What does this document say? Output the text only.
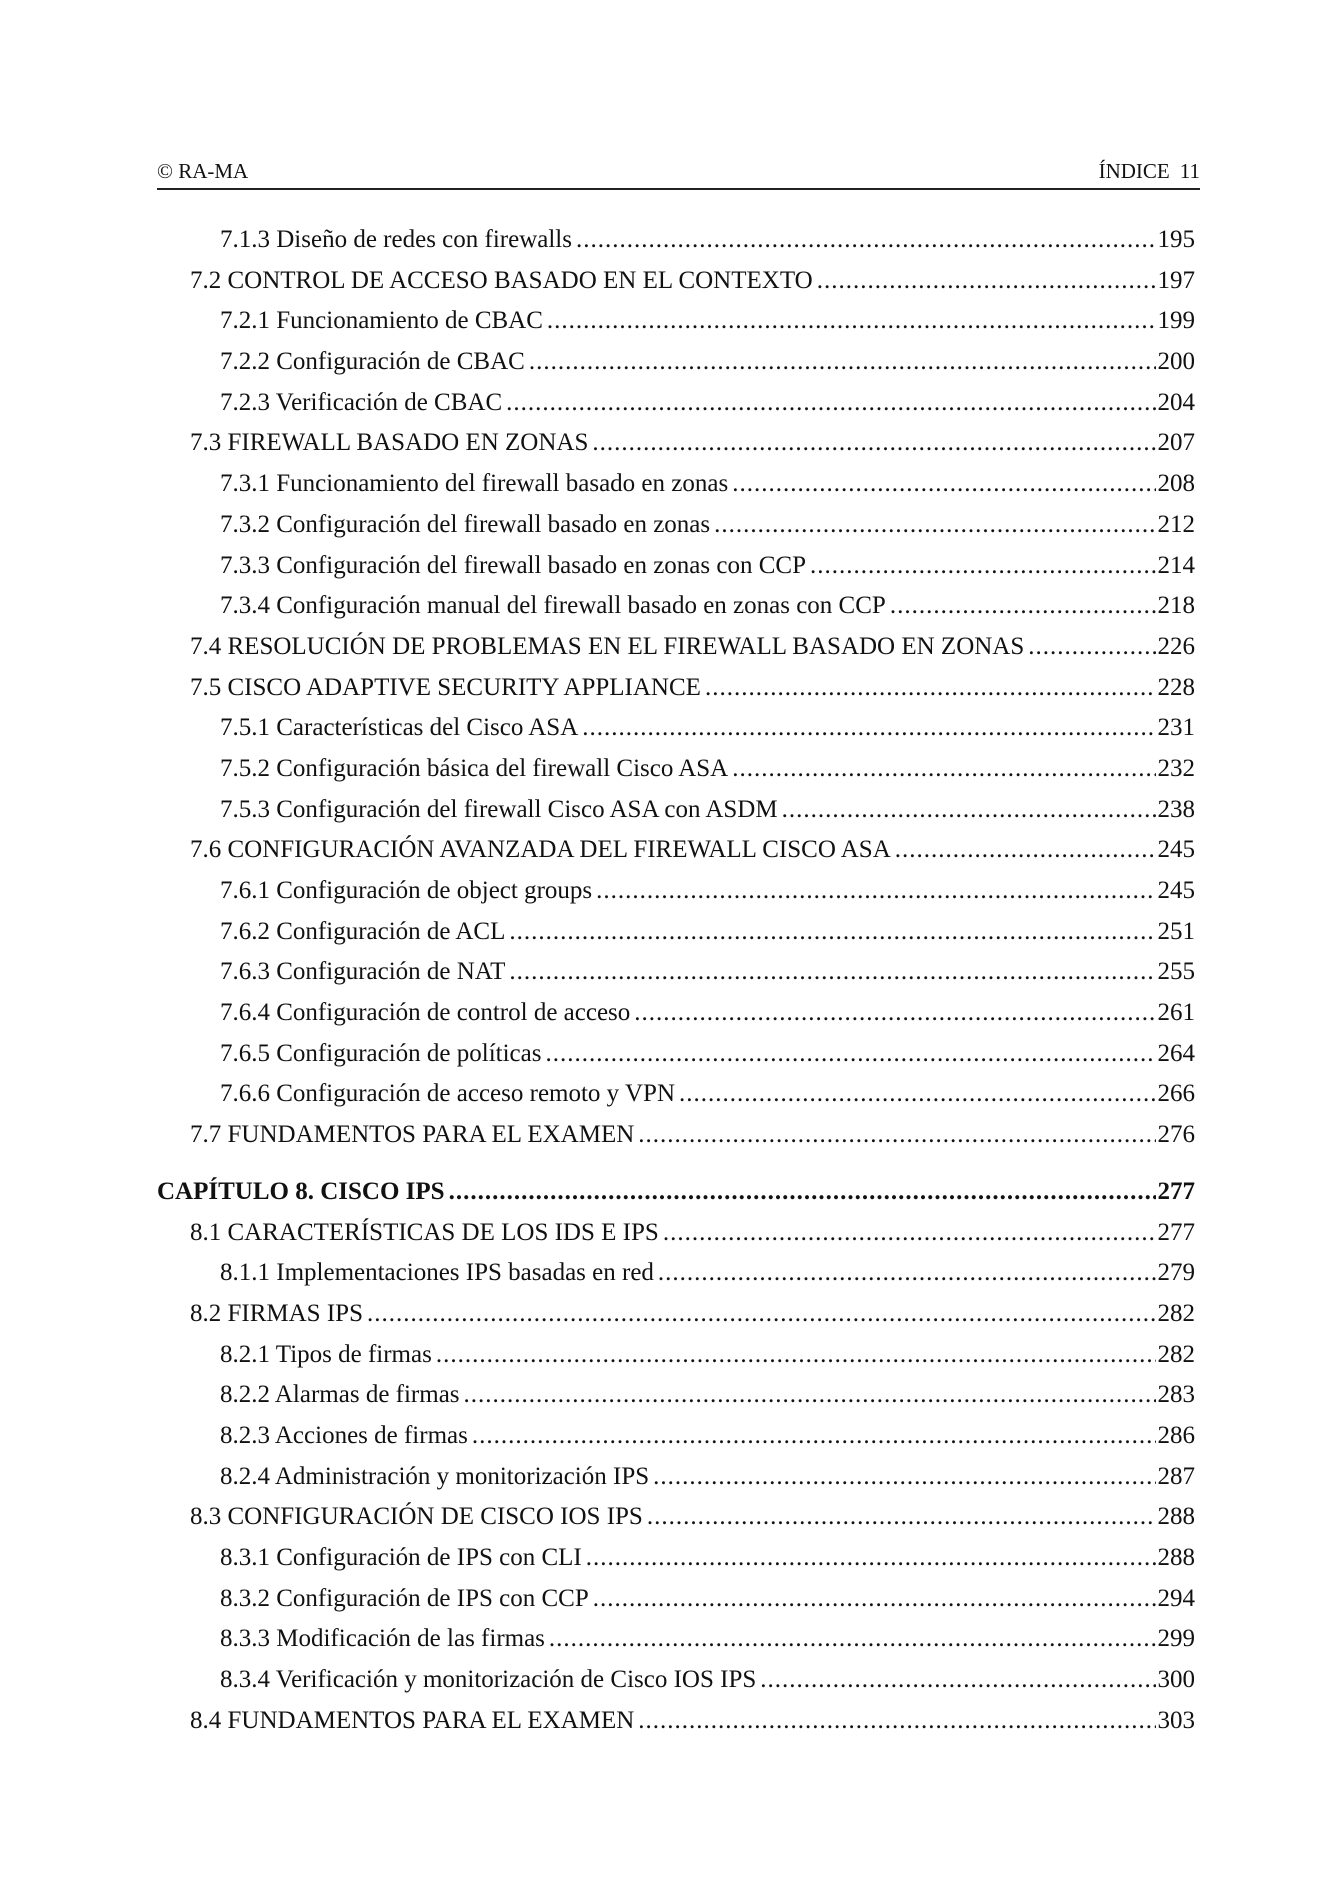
© RA-MA	ÍNDICE 11
7.1.3 Diseño de redes con firewalls .....	195
7.2 CONTROL DE ACCESO BASADO EN EL CONTEXTO .....	197
7.2.1 Funcionamiento de CBAC .....	199
7.2.2 Configuración de CBAC .....	200
7.2.3 Verificación de CBAC .....	204
7.3 FIREWALL BASADO EN ZONAS .....	207
7.3.1 Funcionamiento del firewall basado en zonas .....	208
7.3.2 Configuración del firewall basado en zonas .....	212
7.3.3 Configuración del firewall basado en zonas con CCP .....	214
7.3.4 Configuración manual del firewall basado en zonas con CCP .....	218
7.4 RESOLUCIÓN DE PROBLEMAS EN EL FIREWALL BASADO EN ZONAS .....	226
7.5 CISCO ADAPTIVE SECURITY APPLIANCE .....	228
7.5.1 Características del Cisco ASA .....	231
7.5.2 Configuración básica del firewall Cisco ASA .....	232
7.5.3 Configuración del firewall Cisco ASA con ASDM .....	238
7.6 CONFIGURACIÓN AVANZADA DEL FIREWALL CISCO ASA .....	245
7.6.1 Configuración de object groups .....	245
7.6.2 Configuración de ACL .....	251
7.6.3 Configuración de NAT .....	255
7.6.4 Configuración de control de acceso .....	261
7.6.5 Configuración de políticas .....	264
7.6.6 Configuración de acceso remoto y VPN .....	266
7.7 FUNDAMENTOS PARA EL EXAMEN .....	276
CAPÍTULO 8. CISCO IPS .....	277
8.1 CARACTERÍSTICAS DE LOS IDS E IPS .....	277
8.1.1 Implementaciones IPS basadas en red .....	279
8.2 FIRMAS IPS .....	282
8.2.1 Tipos de firmas .....	282
8.2.2 Alarmas de firmas .....	283
8.2.3 Acciones de firmas .....	286
8.2.4 Administración y monitorización IPS .....	287
8.3 CONFIGURACIÓN DE CISCO IOS IPS .....	288
8.3.1 Configuración de IPS con CLI .....	288
8.3.2 Configuración de IPS con CCP .....	294
8.3.3 Modificación de las firmas .....	299
8.3.4 Verificación y monitorización de Cisco IOS IPS .....	300
8.4 FUNDAMENTOS PARA EL EXAMEN .....	303
